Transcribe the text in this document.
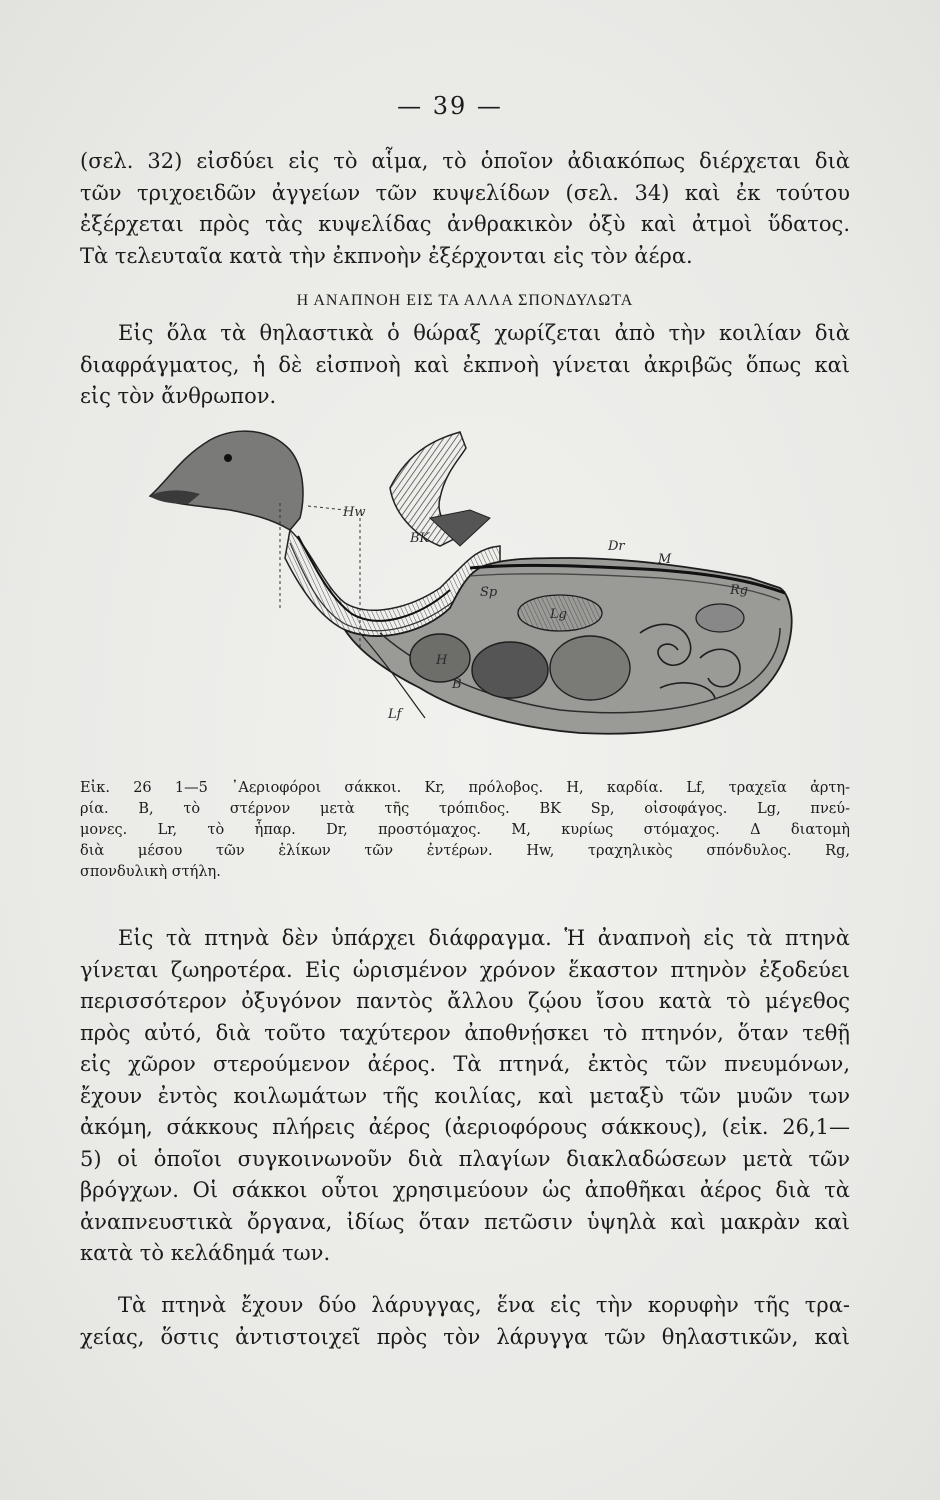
— 39 —
(σελ. 32) εἰσδύει εἰς τὸ αἷμα, τὸ ὁποῖον ἀδιακόπως διέρχεται διὰ
τῶν τριχοειδῶν ἀγγείων τῶν κυψελίδων (σελ. 34) καὶ ἐκ τούτου
ἐξέρχεται πρὸς τὰς κυψελίδας ἀνθρακικὸν ὀξὺ καὶ ἀτμοὶ ὕδατος.
Τὰ τελευταῖα κατὰ τὴν ἐκπνοὴν ἐξέρχονται εἰς τὸν ἀέρα.
Η ΑΝΑΠΝΟΗ ΕΙΣ ΤΑ ΑΛΛΑ ΣΠΟΝΔΥΛΩΤΑ
Εἰς ὅλα τὰ θηλαστικὰ ὁ θώραξ χωρίζεται ἀπὸ τὴν κοιλίαν διὰ
διαφράγματος, ἡ δὲ εἰσπνοὴ καὶ ἐκπνοὴ γίνεται ἀκριβῶς ὅπως καὶ
εἰς τὸν ἄνθρωπον.
Hw
Dr
M
B
Lf
H
Lg
Rg
BK
Sp
Εἰκ. 26 1—5 ᾽Αεριοφόροι σάκκοι. Kr, πρόλοβος. H, καρδία. Lf, τραχεῖα ἀρτη-
ρία. B, τὸ στέρνον μετὰ τῆς τρόπιδος. BK Sp, οἰσοφάγος. Lg, πνεύ-
μονες. Lr, τὸ ἧπαρ. Dr, προστόμαχος. M, κυρίως στόμαχος. Δ διατομὴ
διὰ μέσου τῶν ἑλίκων τῶν ἐντέρων. Hw, τραχηλικὸς σπόνδυλος. Rg,
σπονδυλικὴ στήλη.
Εἰς τὰ πτηνὰ δὲν ὑπάρχει διάφραγμα. Ἡ ἀναπνοὴ εἰς τὰ πτηνὰ
γίνεται ζωηροτέρα. Εἰς ὡρισμένον χρόνον ἕκαστον πτηνὸν ἐξοδεύει
περισσότερον ὀξυγόνον παντὸς ἄλλου ζῴου ἴσου κατὰ τὸ μέγεθος
πρὸς αὐτό, διὰ τοῦτο ταχύτερον ἀποθνῄσκει τὸ πτηνόν, ὅταν τεθῇ
εἰς χῶρον στερούμενον ἀέρος. Τὰ πτηνά, ἐκτὸς τῶν πνευμόνων,
ἔχουν ἐντὸς κοιλωμάτων τῆς κοιλίας, καὶ μεταξὺ τῶν μυῶν των
ἀκόμη, σάκκους πλήρεις ἀέρος (ἀεριοφόρους σάκκους), (εἰκ. 26,1—
5) οἱ ὁποῖοι συγκοινωνοῦν διὰ πλαγίων διακλαδώσεων μετὰ τῶν
βρόγχων. Οἱ σάκκοι οὗτοι χρησιμεύουν ὡς ἀποθῆκαι ἀέρος διὰ τὰ
ἀναπνευστικὰ ὄργανα, ἰδίως ὅταν πετῶσιν ὑψηλὰ καὶ μακρὰν καὶ
κατὰ τὸ κελάδημά των.
Τὰ πτηνὰ ἔχουν δύο λάρυγγας, ἕνα εἰς τὴν κορυφὴν τῆς τρα-
χείας, ὅστις ἀντιστοιχεῖ πρὸς τὸν λάρυγγα τῶν θηλαστικῶν, καὶ
